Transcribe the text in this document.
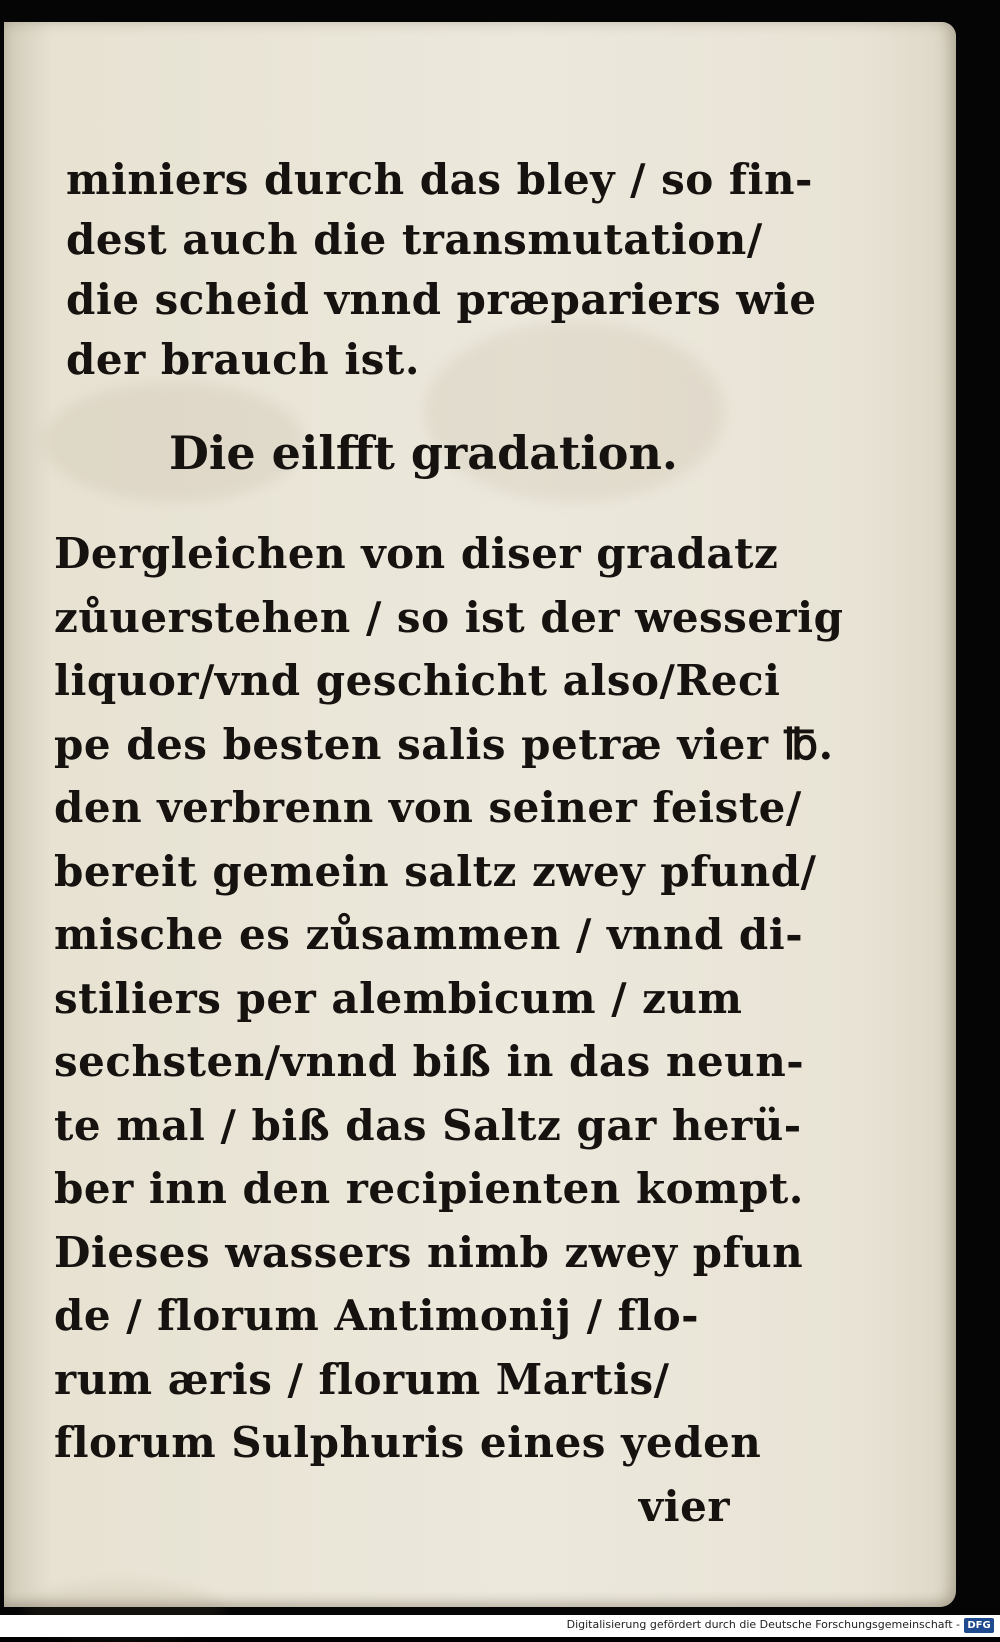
miniers durch das bley / so fin-
dest auch die transmutation/
die scheid vnnd præpariers wie
der brauch ist.
Die eilfft gradation.
Dergleichen von diser gradatz
zůuerstehen / so ist der wesserig
liquor/vnd geschicht also/Reci
pe des besten salis petræ vier ℔.
den verbrenn von seiner feiste/
bereit gemein saltz zwey pfund/
mische es zůsammen / vnnd di-
stiliers per alembicum / zum
sechsten/vnnd biß in das neun-
te mal / biß das Saltz gar herü-
ber inn den recipienten kompt.
Dieses wassers nimb zwey pfun
de / florum Antimonij / flo-
rum æris / florum Martis/
florum Sulphuris eines yeden
vier
Digitalisierung gefördert durch die Deutsche Forschungsgemeinschaft - DFG
